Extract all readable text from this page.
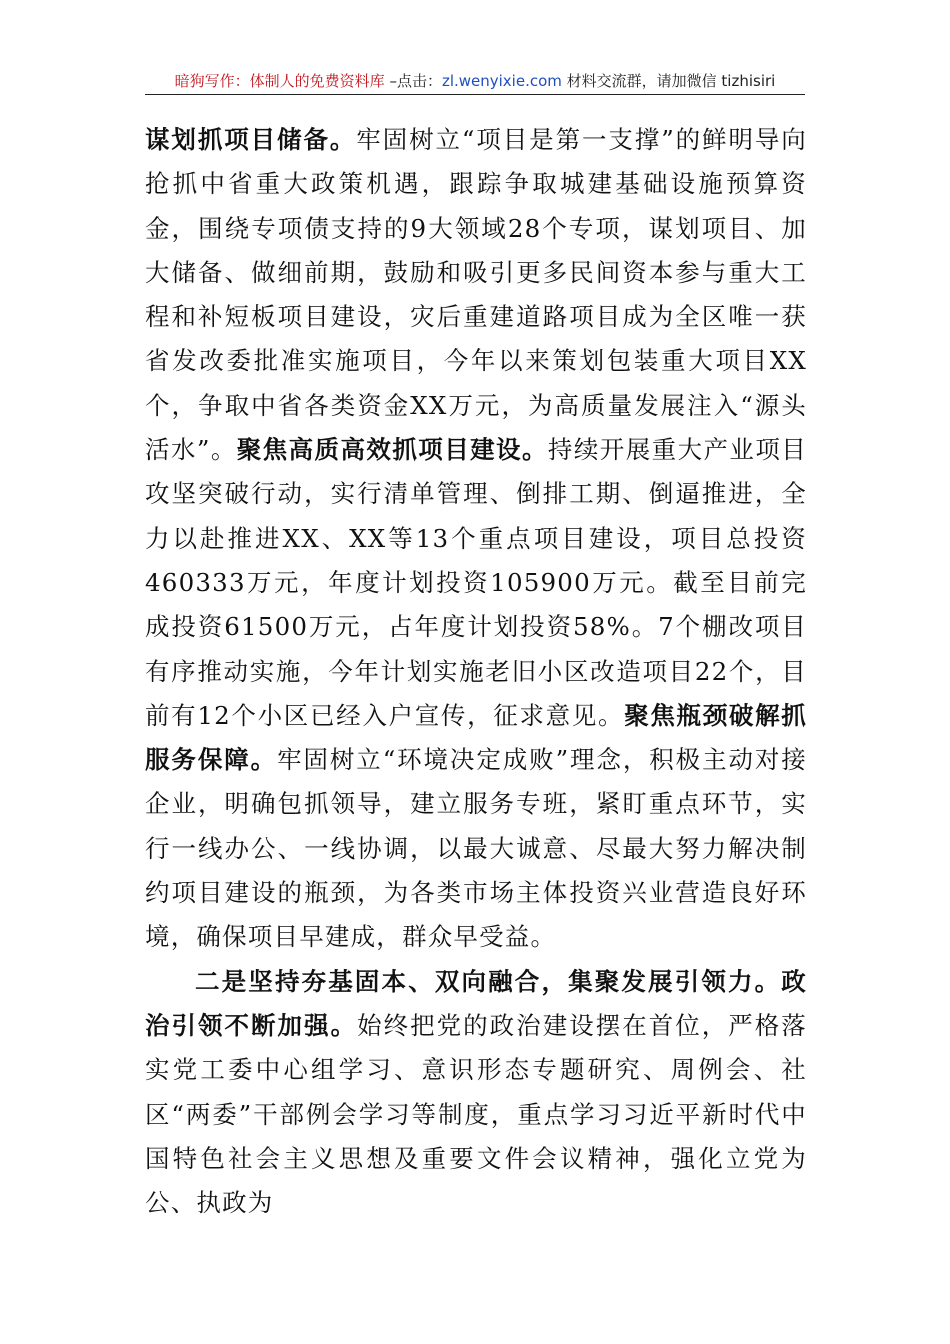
暗狗写作：体制人的免费资料库 –点击：zl.wenyixie.com 材料交流群，请加微信 tizhisiri

谋划抓项目储备。牢固树立“项目是第一支撑”的鲜明导向抢抓中省重大政策机遇，跟踪争取城建基础设施预算资金，围绕专项债支持的9大领域28个专项，谋划项目、加大储备、做细前期，鼓励和吸引更多民间资本参与重大工程和补短板项目建设，灾后重建道路项目成为全区唯一获省发改委批准实施项目，今年以来策划包装重大项目XX个，争取中省各类资金XX万元，为高质量发展注入“源头活水”。聚焦高质高效抓项目建设。持续开展重大产业项目攻坚突破行动，实行清单管理、倒排工期、倒逼推进，全力以赴推进XX、XX等13个重点项目建设，项目总投资460333万元，年度计划投资105900万元。截至目前完成投资61500万元，占年度计划投资58%。7个棚改项目有序推动实施，今年计划实施老旧小区改造项目22个，目前有12个小区已经入户宣传，征求意见。聚焦瓶颈破解抓服务保障。牢固树立“环境决定成败”理念，积极主动对接企业，明确包抓领导，建立服务专班，紧盯重点环节，实行一线办公、一线协调，以最大诚意、尽最大努力解决制约项目建设的瓶颈，为各类市场主体投资兴业营造良好环境，确保项目早建成，群众早受益。

二是坚持夯基固本、双向融合，集聚发展引领力。政治引领不断加强。始终把党的政治建设摆在首位，严格落实党工委中心组学习、意识形态专题研究、周例会、社区“两委”干部例会学习等制度，重点学习习近平新时代中国特色社会主义思想及重要文件会议精神，强化立党为公、执政为
